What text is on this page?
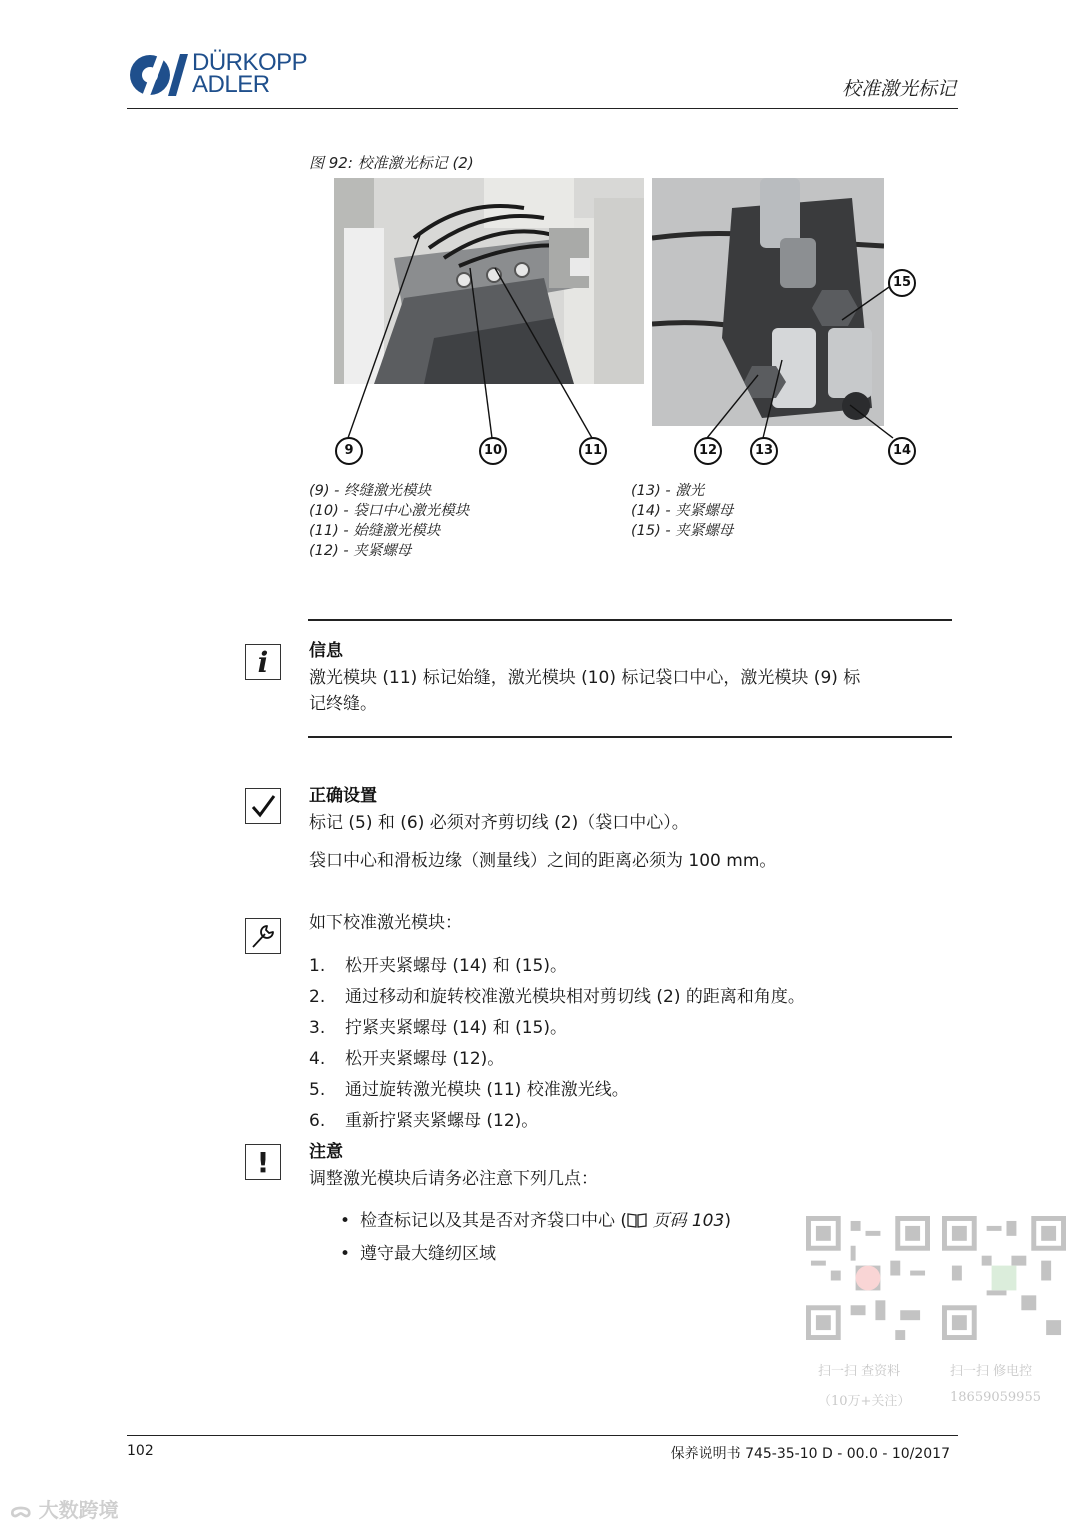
DÜRKOPP
ADLER	校准激光标记
图 92: 校准激光标记 (2)
9	10	11	12	13	14
15
(9) - 终缝激光模块
(10) - 袋口中心激光模块
(11) - 始缝激光模块
(12) - 夹紧螺母
(13) - 激光
(14) - 夹紧螺母
(15) - 夹紧螺母
i 信息
激光模块 (11) 标记始缝，激光模块 (10) 标记袋口中心，激光模块 (9) 标
记终缝。
正确设置
标记 (5) 和 (6) 必须对齐剪切线 (2)（袋口中心）。
袋口中心和滑板边缘（测量线）之间的距离必须为 100 mm。
如下校准激光模块：
1. 松开夹紧螺母 (14) 和 (15)。
2. 通过移动和旋转校准激光模块相对剪切线 (2) 的距离和角度。
3. 拧紧夹紧螺母 (14) 和 (15)。
4. 松开夹紧螺母 (12)。
5. 通过旋转激光模块 (11) 校准激光线。
6. 重新拧紧夹紧螺母 (12)。
! 注意
调整激光模块后请务必注意下列几点：
• 检查标记以及其是否对齐袋口中心 ( 页码 103)
• 遵守最大缝纫区域
扫一扫 查资料
（10万+关注）
扫一扫 修电控
18659059955
102	保养说明书 745-35-10 D - 00.0 - 10/2017
ᯅ 大数跨境
